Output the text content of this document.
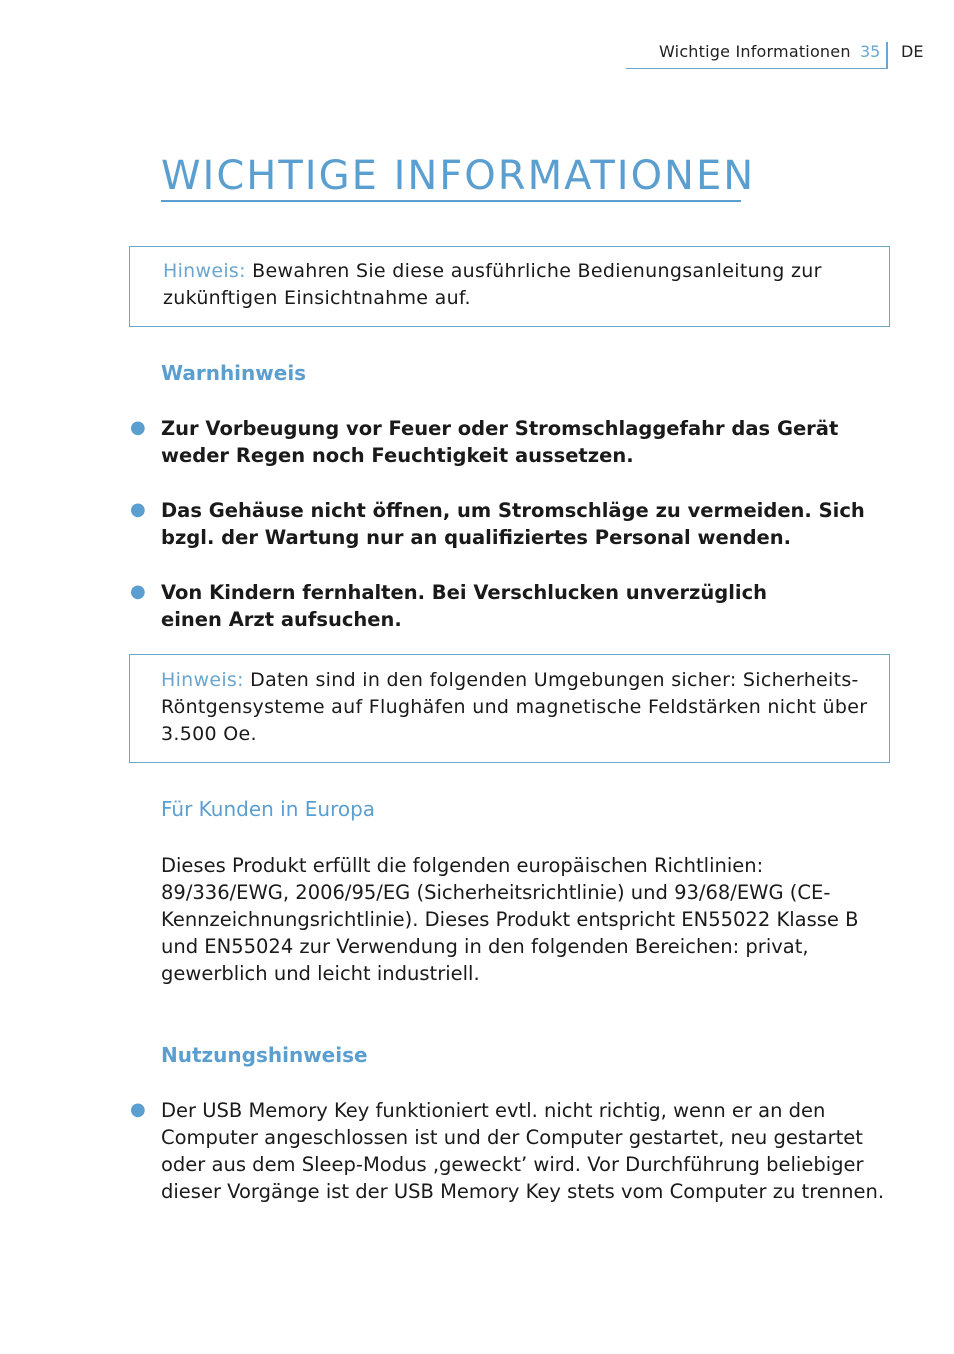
Wichtige Informationen 35 DE
WICHTIGE INFORMATIONEN
Hinweis: Bewahren Sie diese ausführliche Bedienungsanleitung zur zukünftigen Einsichtnahme auf.
Warnhinweis
● Zur Vorbeugung vor Feuer oder Stromschlaggefahr das Gerät weder Regen noch Feuchtigkeit aussetzen.
● Das Gehäuse nicht öffnen, um Stromschläge zu vermeiden. Sich bzgl. der Wartung nur an qualifiziertes Personal wenden.
● Von Kindern fernhalten. Bei Verschlucken unverzüglich einen Arzt aufsuchen.
Hinweis: Daten sind in den folgenden Umgebungen sicher: Sicherheits-Röntgensysteme auf Flughäfen und magnetische Feldstärken nicht über 3.500 Oe.
Für Kunden in Europa
Dieses Produkt erfüllt die folgenden europäischen Richtlinien: 89/336/EWG, 2006/95/EG (Sicherheitsrichtlinie) und 93/68/EWG (CE-Kennzeichnungsrichtlinie). Dieses Produkt entspricht EN55022 Klasse B und EN55024 zur Verwendung in den folgenden Bereichen: privat, gewerblich und leicht industriell.
Nutzungshinweise
● Der USB Memory Key funktioniert evtl. nicht richtig, wenn er an den Computer angeschlossen ist und der Computer gestartet, neu gestartet oder aus dem Sleep-Modus ‚geweckt’ wird. Vor Durchführung beliebiger dieser Vorgänge ist der USB Memory Key stets vom Computer zu trennen.
